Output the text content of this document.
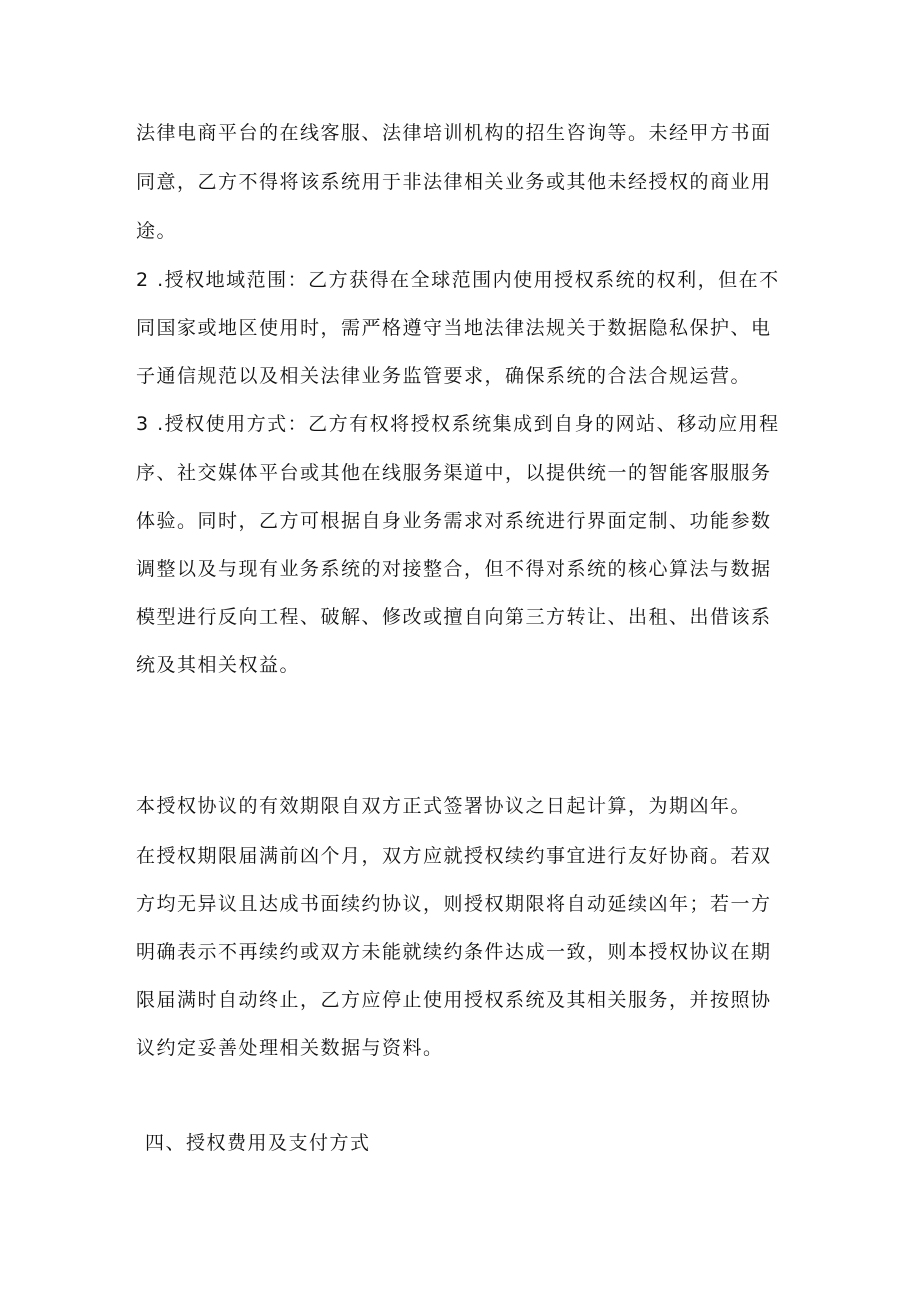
法律电商平台的在线客服、法律培训机构的招生咨询等。未经甲方书面
同意，乙方不得将该系统用于非法律相关业务或其他未经授权的商业用
途。
2 .授权地域范围：乙方获得在全球范围内使用授权系统的权利，但在不
同国家或地区使用时，需严格遵守当地法律法规关于数据隐私保护、电
子通信规范以及相关法律业务监管要求，确保系统的合法合规运营。
3 .授权使用方式：乙方有权将授权系统集成到自身的网站、移动应用程
序、社交媒体平台或其他在线服务渠道中，以提供统一的智能客服服务
体验。同时，乙方可根据自身业务需求对系统进行界面定制、功能参数
调整以及与现有业务系统的对接整合，但不得对系统的核心算法与数据
模型进行反向工程、破解、修改或擅自向第三方转让、出租、出借该系
统及其相关权益。
本授权协议的有效期限自双方正式签署协议之日起计算，为期凶年。
在授权期限届满前凶个月，双方应就授权续约事宜进行友好协商。若双
方均无异议且达成书面续约协议，则授权期限将自动延续凶年；若一方
明确表示不再续约或双方未能就续约条件达成一致，则本授权协议在期
限届满时自动终止，乙方应停止使用授权系统及其相关服务，并按照协
议约定妥善处理相关数据与资料。
四、授权费用及支付方式
